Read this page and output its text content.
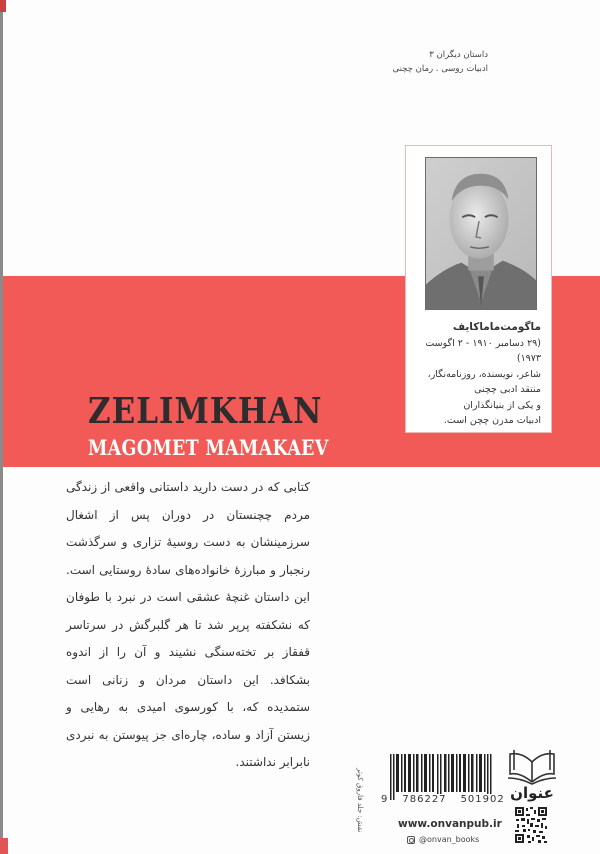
داستان دیگران ۳
ادبیات روسی . رمان چچنی
ماگومت‌ماماکایف
(۲۹ دسامبر ۱۹۱۰ - ۲ اگوست ۱۹۷۳)
شاعر، نویسنده، روزنامه‌نگار،
منتقد ادبی چچنی
و یکی از بنیانگذاران
ادبیات مدرن چچن است.
ZELIMKHAN
MAGOMET MAMAKAEV
کتابی که در دست دارید داستانی واقعی از زندگی مردم چچنستان در دوران پس از اشغال سرزمینشان به دست روسیهٔ تزاری و سرگذشت رنجبار و مبارزهٔ خانواده‌های سادهٔ روستایی است. این داستان غنچهٔ عشقی است در نبرد با طوفان که نشکفته پرپر شد تا هر گلبرگش در سرتاسر قفقاز بر تخته‌سنگی نشیند و آن را از اندوه بشکافد. این داستان مردان و زنانی است ستمدیده که، با کورسوی امیدی به رهایی و زیستن آزاد و ساده، چاره‌ای جز پیوستن به نبردی نابرابر نداشتند.
نقش: جلد فاروق کوثر 9 786227 501902
www.onvanpub.ir
@onvan_books
عنوان
